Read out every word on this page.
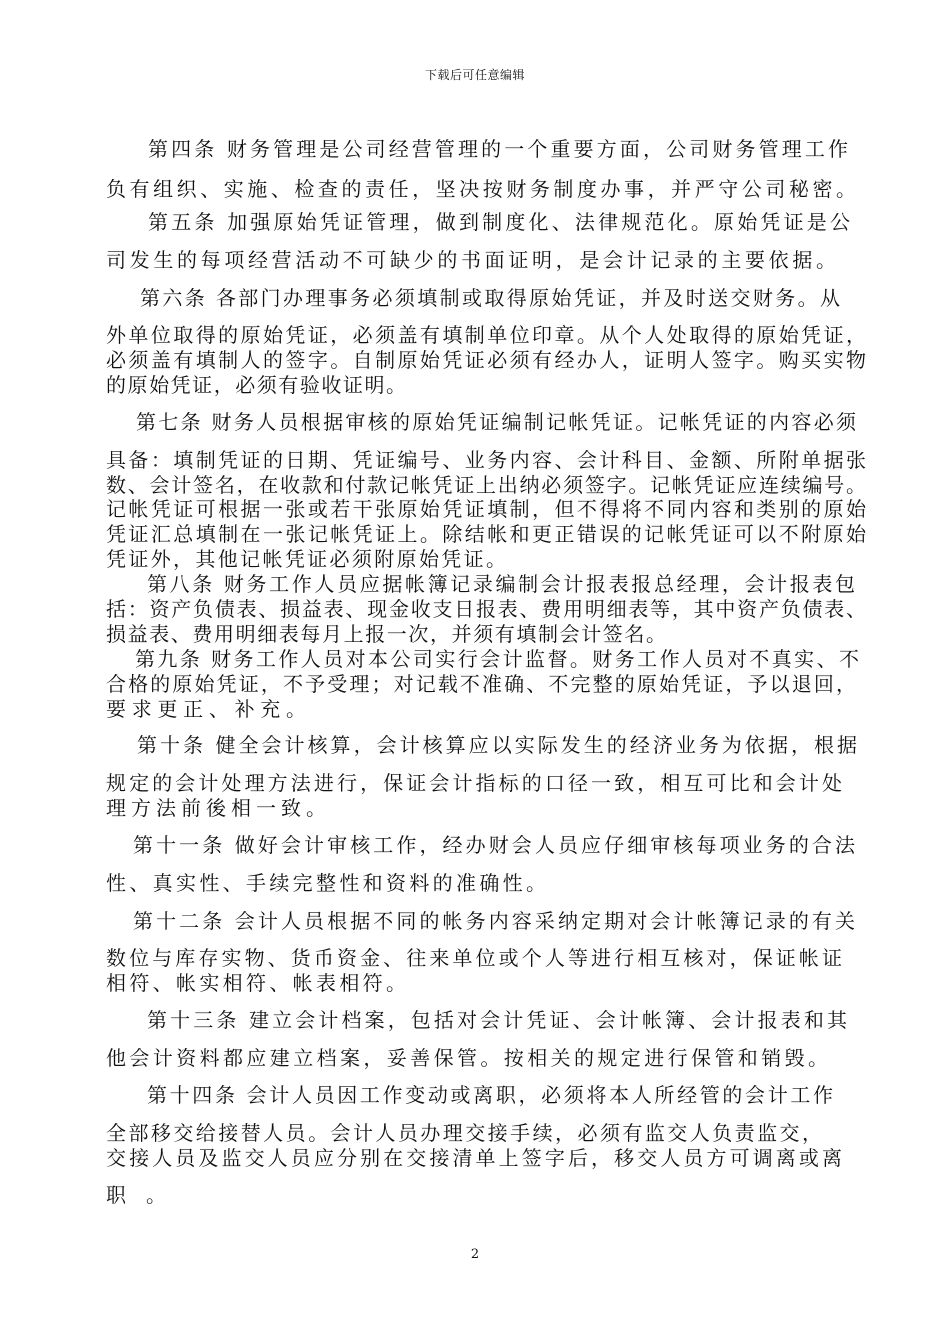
下载后可任意编辑
第四条 财务管理是公司经营管理的一个重要方面，公司财务管理工作
负有组织、实施、检查的责任，坚决按财务制度办事，并严守公司秘密。
第五条 加强原始凭证管理，做到制度化、法律规范化。原始凭证是公
司发生的每项经营活动不可缺少的书面证明，是会计记录的主要依据。
第六条 各部门办理事务必须填制或取得原始凭证，并及时送交财务。从
外单位取得的原始凭证，必须盖有填制单位印章。从个人处取得的原始凭证，
必须盖有填制人的签字。自制原始凭证必须有经办人，证明人签字。购买实物
的原始凭证，必须有验收证明。
第七条 财务人员根据审核的原始凭证编制记帐凭证。记帐凭证的内容必须
具备：填制凭证的日期、凭证编号、业务内容、会计科目、金额、所附单据张
数、会计签名，在收款和付款记帐凭证上出纳必须签字。记帐凭证应连续编号。
记帐凭证可根据一张或若干张原始凭证填制，但不得将不同内容和类别的原始
凭证汇总填制在一张记帐凭证上。除结帐和更正错误的记帐凭证可以不附原始
凭证外，其他记帐凭证必须附原始凭证。
第八条 财务工作人员应据帐簿记录编制会计报表报总经理，会计报表包
括：资产负债表、损益表、现金收支日报表、费用明细表等，其中资产负债表、
损益表、费用明细表每月上报一次，并须有填制会计签名。
第九条 财务工作人员对本公司实行会计监督。财务工作人员对不真实、不
合格的原始凭证，不予受理；对记载不准确、不完整的原始凭证，予以退回，
要求更正、补充。
第十条 健全会计核算，会计核算应以实际发生的经济业务为依据，根据
规定的会计处理方法进行，保证会计指标的口径一致，相互可比和会计处
理方法前後相一致。
第十一条 做好会计审核工作，经办财会人员应仔细审核每项业务的合法
性、真实性、手续完整性和资料的准确性。
第十二条 会计人员根据不同的帐务内容采纳定期对会计帐簿记录的有关
数位与库存实物、货币资金、往来单位或个人等进行相互核对，保证帐证
相符、帐实相符、帐表相符。
第十三条 建立会计档案，包括对会计凭证、会计帐簿、会计报表和其
他会计资料都应建立档案，妥善保管。按相关的规定进行保管和销毁。
第十四条 会计人员因工作变动或离职，必须将本人所经管的会计工作
全部移交给接替人员。会计人员办理交接手续，必须有监交人负责监交，
交接人员及监交人员应分别在交接清单上签字后，移交人员方可调离或离
职。
2
